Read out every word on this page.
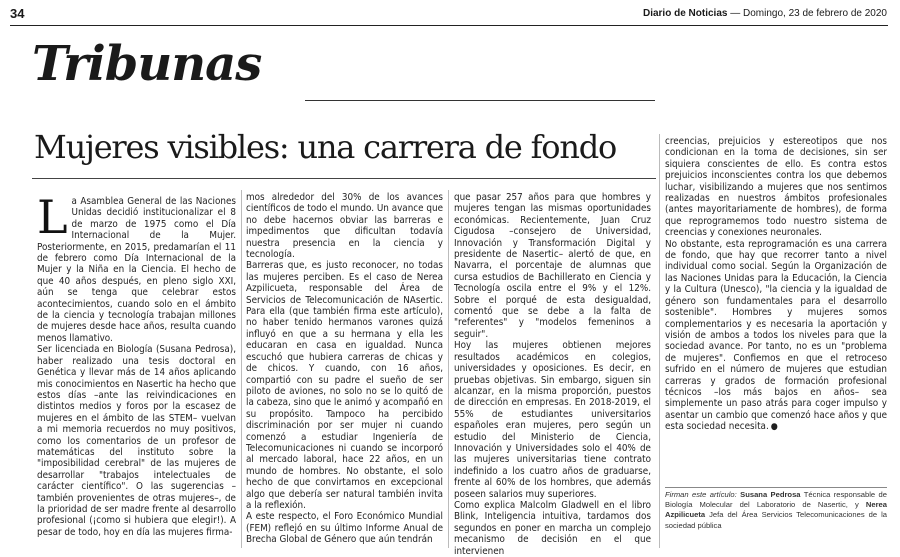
34	Diario de Noticias — Domingo, 23 de febrero de 2020
Tribunas
Mujeres visibles: una carrera de fondo

La Asamblea General de las Naciones Unidas decidió institucionalizar el 8 de marzo de 1975 como el Día Internacional de la Mujer. Posteriormente, en 2015, predamarían el 11 de febrero como Día Internacional de la Mujer y la Niña en la Ciencia. El hecho de que 40 años después, en pleno siglo XXI, aún se tenga que celebrar estos acontecimientos, cuando solo en el ámbito de la ciencia y tecnología trabajan millones de mujeres desde hace años, resulta cuando menos llamativo.

Ser licenciada en Biología (Susana Pedrosa), haber realizado una tesis doctoral en Genética y llevar más de 14 años aplicando mis conocimientos en Nasertic ha hecho que estos días –ante las reivindicaciones en distintos medios y foros por la escasez de mujeres en el ámbito de las STEM– vuelvan a mi memoria recuerdos no muy positivos, como los comentarios de un profesor de matemáticas del instituto sobre la "imposibilidad cerebral" de las mujeres de desarrollar "trabajos intelectuales de carácter científico". O las sugerencias –también provenientes de otras mujeres–, de la prioridad de ser madre frente al desarrollo profesional (¡como si hubiera que elegir!). A pesar de todo, hoy en día las mujeres firma-

mos alrededor del 30% de los avances científicos de todo el mundo. Un avance que no debe hacernos obviar las barreras e impedimentos que dificultan todavía nuestra presencia en la ciencia y tecnología.

Barreras que, es justo reconocer, no todas las mujeres perciben. Es el caso de Nerea Azpilicueta, responsable del Área de Servicios de Telecomunicación de NAsertic. Para ella (que también firma este artículo), no haber tenido hermanos varones quizá influyó en que a su hermana y ella les educaran en casa en igualdad. Nunca escuchó que hubiera carreras de chicas y de chicos. Y cuando, con 16 años, compartió con su padre el sueño de ser piloto de aviones, no solo no se lo quitó de la cabeza, sino que le animó y acompañó en su propósito. Tampoco ha percibido discriminación por ser mujer ni cuando comenzó a estudiar Ingeniería de Telecomunicaciones ni cuando se incorporó al mercado laboral, hace 22 años, en un mundo de hombres. No obstante, el solo hecho de que convirtamos en excepcional algo que debería ser natural también invita a la reflexión.

A este respecto, el Foro Económico Mundial (FEM) reflejó en su último Informe Anual de Brecha Global de Género que aún tendrán

que pasar 257 años para que hombres y mujeres tengan las mismas oportunidades económicas. Recientemente, Juan Cruz Cigudosa –consejero de Universidad, Innovación y Transformación Digital y presidente de Nasertic– alertó de que, en Navarra, el porcentaje de alumnas que cursa estudios de Bachillerato en Ciencia y Tecnología oscila entre el 9% y el 12%. Sobre el porqué de esta desigualdad, comentó que se debe a la falta de "referentes" y "modelos femeninos a seguir".

Hoy las mujeres obtienen mejores resultados académicos en colegios, universidades y oposiciones. Es decir, en pruebas objetivas. Sin embargo, siguen sin alcanzar, en la misma proporción, puestos de dirección en empresas. En 2018-2019, el 55% de estudiantes universitarios españoles eran mujeres, pero según un estudio del Ministerio de Ciencia, Innovación y Universidades solo el 40% de las mujeres universitarias tiene contrato indefinido a los cuatro años de graduarse, frente al 60% de los hombres, que además poseen salarios muy superiores.

Como explica Malcolm Gladwell en el libro Blink, Inteligencia intuitiva, tardamos dos segundos en poner en marcha un complejo mecanismo de decisión en el que intervienen

creencias, prejuicios y estereotipos que nos condicionan en la toma de decisiones, sin ser siquiera conscientes de ello. Es contra estos prejuicios inconscientes contra los que debemos luchar, visibilizando a mujeres que nos sentimos realizadas en nuestros ámbitos profesionales (antes mayoritariamente de hombres), de forma que reprogramemos todo nuestro sistema de creencias y conexiones neuronales.

No obstante, esta reprogramación es una carrera de fondo, que hay que recorrer tanto a nivel individual como social. Según la Organización de las Naciones Unidas para la Educación, la Ciencia y la Cultura (Unesco), "la ciencia y la igualdad de género son fundamentales para el desarrollo sostenible". Hombres y mujeres somos complementarios y es necesaria la aportación y visión de ambos a todos los niveles para que la sociedad avance. Por tanto, no es un "problema de mujeres". Confiemos en que el retroceso sufrido en el número de mujeres que estudian carreras y grados de formación profesional técnicos –los más bajos en años– sea simplemente un paso atrás para coger impulso y asentar un cambio que comenzó hace años y que esta sociedad necesita. ●

Firman este artículo: Susana Pedrosa Técnica responsable de Biología Molecular del Laboratorio de Nasertic, y Nerea Azpilicueta Jefa del Área Servicios Telecomunicaciones de la sociedad pública
